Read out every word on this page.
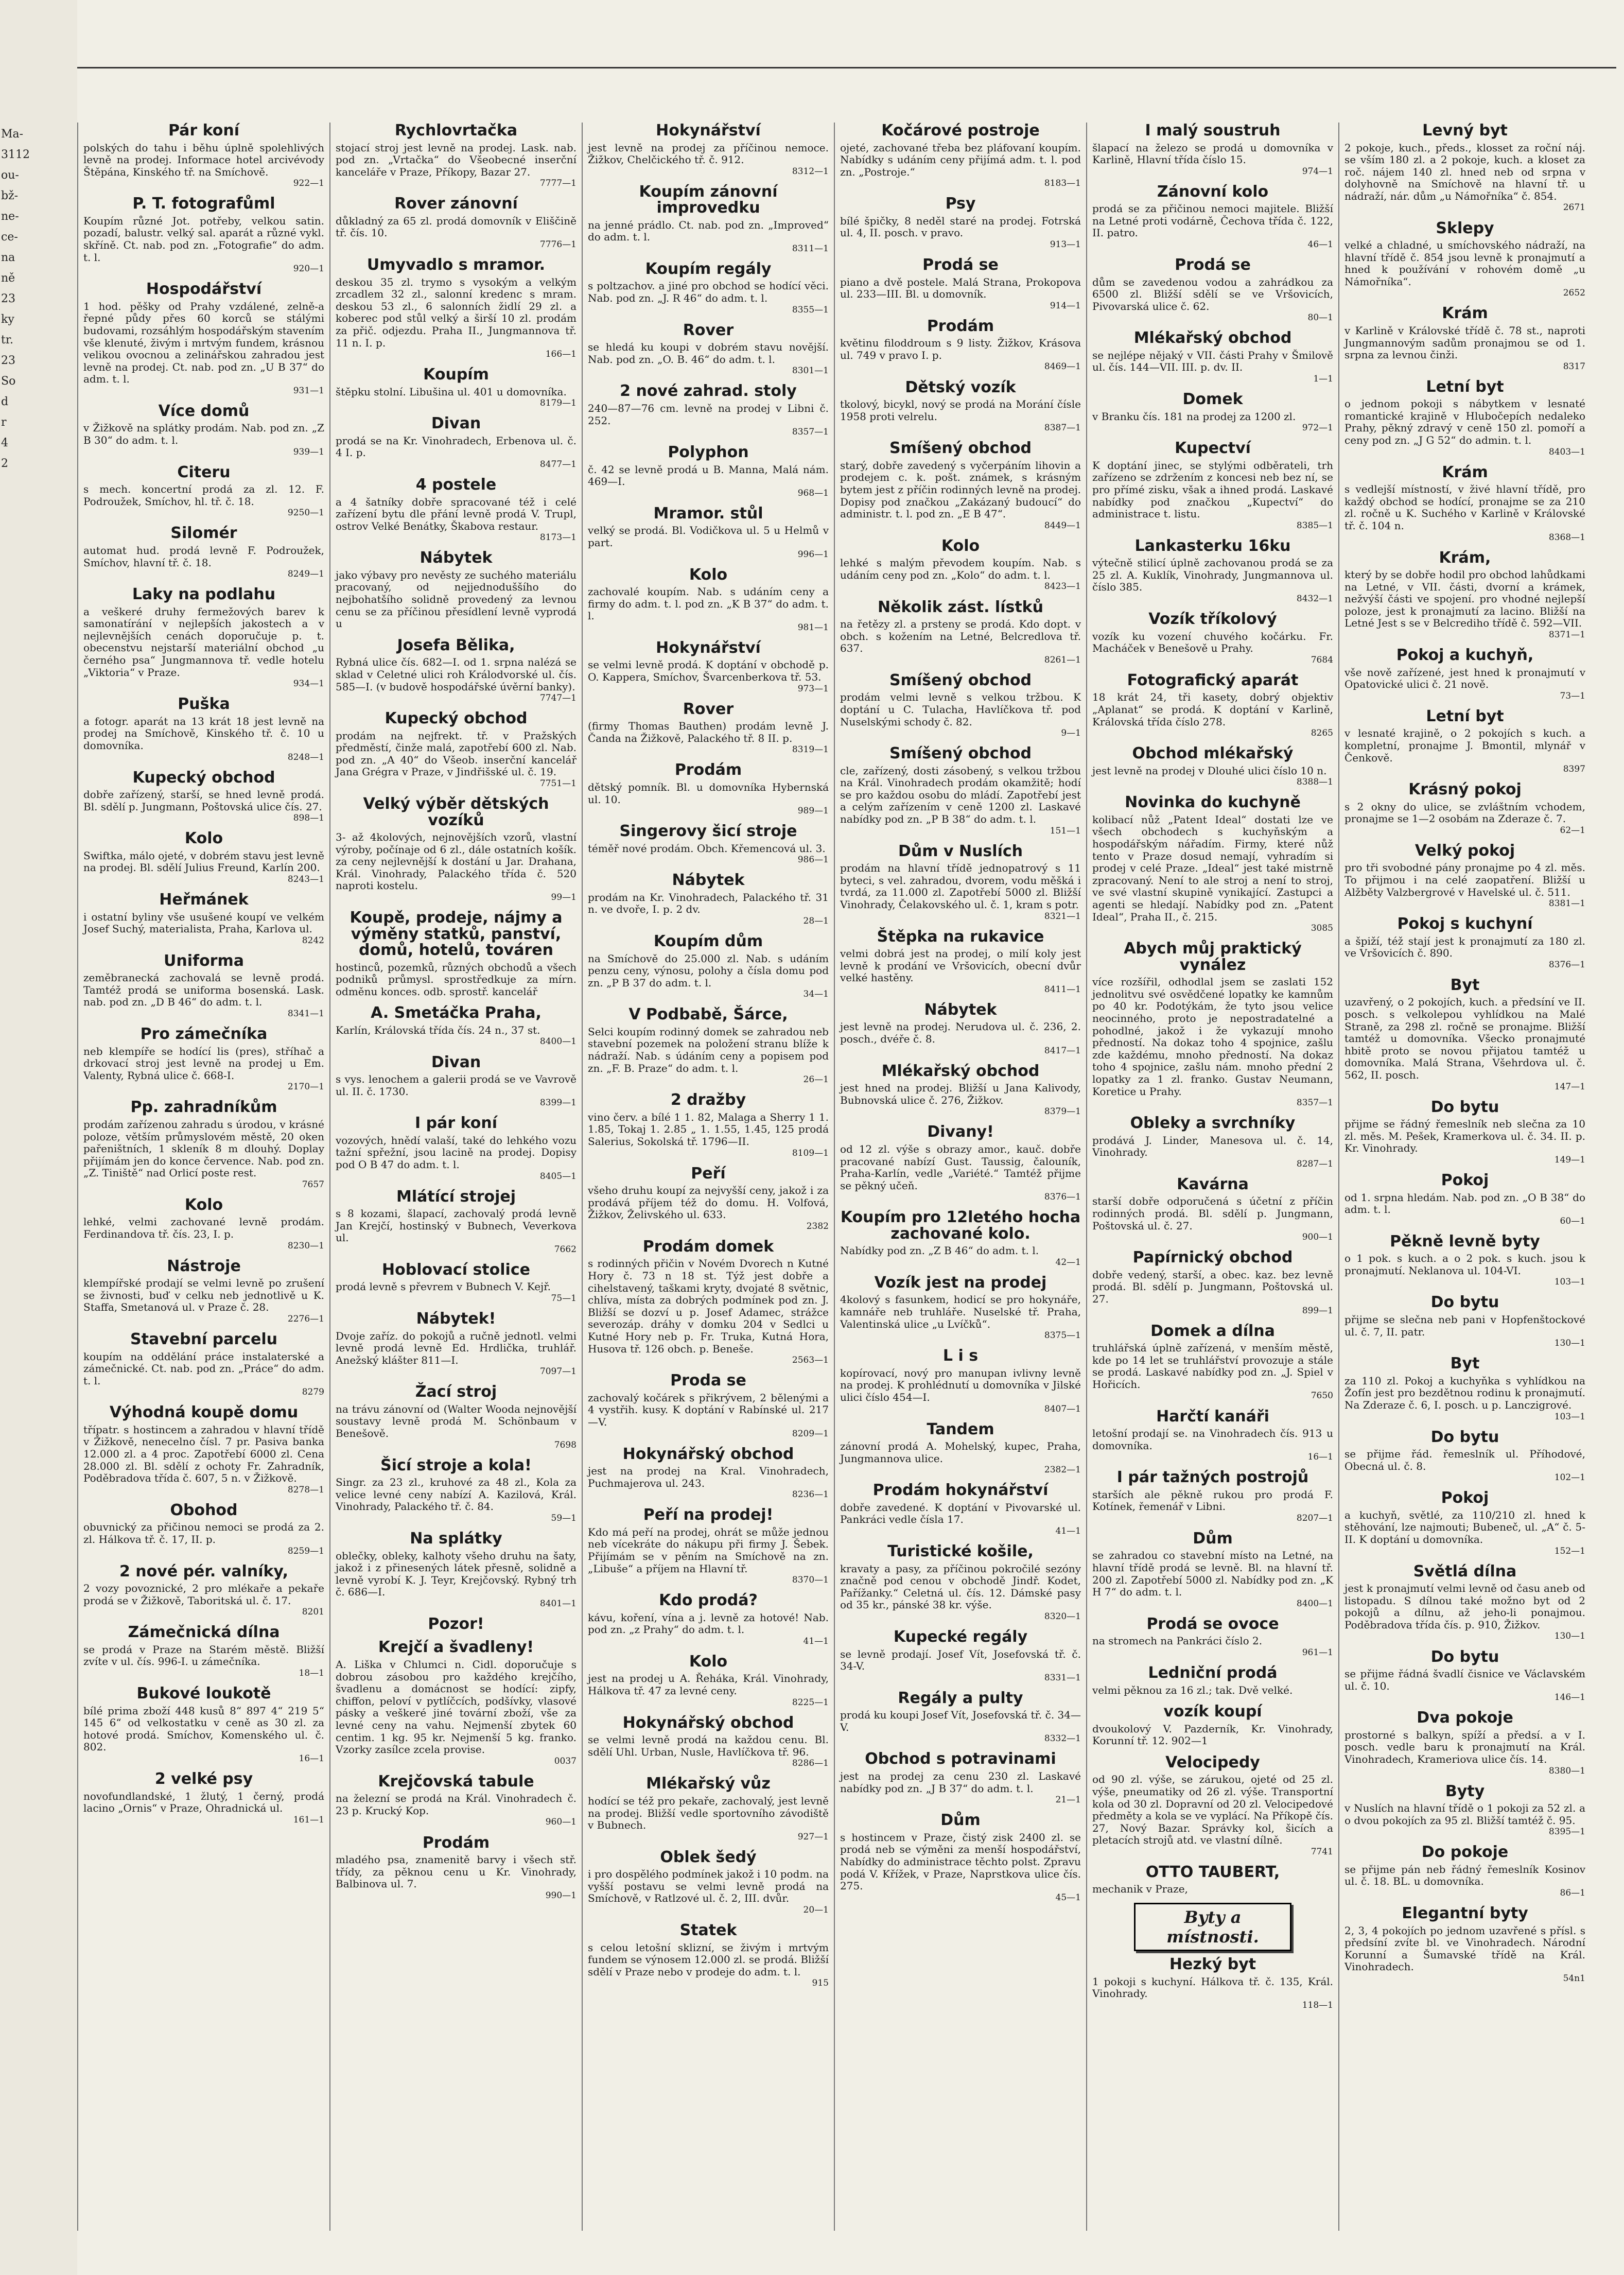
Ma-
3112
ou-
bž-
ne-
ce-
na
ně
23
ky
tr.
23
So
d
r
4
2
Pár koní

polských do tahu i běhu úplně spolehlivých levně na prodej. Informace hotel arcivévody Štěpána, Kinského tř. na Smíchově.

922—1

P. T. fotografůml

Koupím různé Jot. potřeby, velkou satin. pozadí, balustr. velký sal. aparát a různé vykl. skříně. Ct. nab. pod zn. „Fotografie“ do adm. t. l.

920—1

Hospodářství

1 hod. pěšky od Prahy vzdálené, zelně-a řepné půdy přes 60 korců se stálými budovami, rozsáhlým hospodářským stavením vše klenuté, živým i mrtvým fundem, krásnou velikou ovocnou a zelinářskou zahradou jest levně na prodej. Ct. nab. pod zn. „U B 37“ do adm. t. l.

931—1

Více domů

v Žižkově na splátky prodám. Nab. pod zn. „Z B 30“ do adm. t. l.

939—1

Citeru

s mech. koncertní prodá za zl. 12. F. Podroužek, Smíchov, hl. tř. č. 18.

9250—1

Silomér

automat hud. prodá levně F. Podroužek, Smíchov, hlavní tř. č. 18.

8249—1

Laky na podlahu

a veškeré druhy fermežových barev k samonatírání v nejlepších jakostech a v nejlevnějších cenách doporučuje p. t. obecenstvu nejstarší materiální obchod „u černého psa“ Jungmannova tř. vedle hotelu „Viktoria“ v Praze.

934—1

Puška

a fotogr. aparát na 13 krát 18 jest levně na prodej na Smíchově, Kinského tř. č. 10 u domovníka.

8248—1

Kupecký obchod

dobře zařízený, starší, se hned levně prodá. Bl. sdělí p. Jungmann, Poštovská ulice čís. 27.

898—1

Kolo

Swiftka, málo ojeté, v dobrém stavu jest levně na prodej. Bl. sdělí Julius Freund, Karlín 200.

8243—1

Heřmánek

i ostatní byliny vše usušené koupí ve velkém Josef Suchý, materialista, Praha, Karlova ul.

8242

Uniforma

zeměbranecká zachovalá se levně prodá. Tamtéž prodá se uniforma bosenská. Lask. nab. pod zn. „D B 46“ do adm. t. l.

8341—1

Pro zámečníka

neb klempíře se hodící lis (pres), stříhač a drkovací stroj jest levně na prodej u Em. Valenty, Rybná ulice č. 668-I.

2170—1

Pp. zahradníkům

prodám zařízenou zahradu s úrodou, v krásné poloze, větším průmyslovém městě, 20 oken pařeništních, 1 skleník 8 m dlouhý. Doplay přijímám jen do konce července. Nab. pod zn. „Z. Tiniště“ nad Orlicí poste rest.

7657

Kolo

lehké, velmi zachované levně prodám. Ferdinandova tř. čís. 23, I. p.

8230—1

Nástroje

klempířské prodají se velmi levně po zrušení se živnosti, buď v celku neb jednotlivě u K. Staffa, Smetanová ul. v Praze č. 28.

2276—1

Stavební parcelu

koupím na oddělání práce instalaterské a zámečnické. Ct. nab. pod zn. „Práce“ do adm. t. l.

8279

Výhodná koupě domu

třípatr. s hostincem a zahradou v hlavní třídě v Žižkově, nenecelno čísl. 7 pr. Pasiva banka 12.000 zl. a 4 proc. Zapotřebí 6000 zl. Cena 28.000 zl. Bl. sdělí z ochoty Fr. Zahradník, Poděbradova třída č. 607, 5 n. v Žižkově.

8278—1

Obohod

obuvnický za přičinou nemoci se prodá za 2. zl. Hálkova tř. č. 17, II. p.

8259—1

2 nové pér. valníky,

2 vozy povoznické, 2 pro mlékaře a pekaře prodá se v Žižkově, Taboritská ul. č. 17.

8201

Zámečnická dílna

se prodá v Praze na Starém městě. Bližší zvíte v ul. čís. 996-I. u zámečníka.

18—1

Bukové loukotě

bílé prima zboží 448 kusů 8“ 897 4“ 219 5“ 145 6“ od velkostatku v ceně as 30 zl. za hotové prodá. Smíchov, Komenského ul. č. 802.

16—1

2 velké psy

novofundlandské, 1 žlutý, 1 černý, prodá lacino „Ornis“ v Praze, Ohradnická ul.

161—1

Rychlovrtačka

stojací stroj jest levně na prodej. Lask. nab. pod zn. „Vrtačka“ do Všeobecné inserční kanceláře v Praze, Příkopy, Bazar 27.

7777—1

Rover zánovní

důkladný za 65 zl. prodá domovník v Eliščině tř. čís. 10.

7776—1

Umyvadlo s mramor.

deskou 35 zl. trymo s vysokým a velkým zrcadlem 32 zl., salonní kredenc s mram. deskou 53 zl., 6 salonních židlí 29 zl. a koberec pod stůl velký a širší 10 zl. prodám za přič. odjezdu. Praha II., Jungmannova tř. 11 n. I. p.

166—1

Koupím

štěpku stolní. Libušina ul. 401 u domovníka.

8179—1

Divan

prodá se na Kr. Vinohradech, Erbenova ul. č. 4 I. p.

8477—1

4 postele

a 4 šatníky dobře spracované též i celé zařízení bytu dle přání levně prodá V. Trupl, ostrov Velké Benátky, Škabova restaur.

8173—1

Nábytek

jako výbavy pro nevěsty ze suchého materiálu pracovaný, od nejjednoduššího do nejbohatšího solidně provedený za levnou cenu se za příčinou přesídlení levně vyprodá u

Josefa Bělika,

Rybná ulice čís. 682—I. od 1. srpna nalézá se sklad v Celetné ulici roh Králodvorské ul. čís. 585—I. (v budově hospodářské úvěrní banky).

7747—1

Kupecký obchod

prodám na nejfrekt. tř. v Pražských předměstí, činže malá, zapotřebí 600 zl. Nab. pod zn. „A 40“ do Všeob. inserční kancelář Jana Grégra v Praze, v Jindřišské ul. č. 19.

7751—1

Velký výběr dětských vozíků

3- až 4kolových, nejnovějších vzorů, vlastní výroby, počínaje od 6 zl., dále ostatních košík. za ceny nejlevnější k dostání u Jar. Drahana, Král. Vinohrady, Palackého třída č. 520 naproti kostelu.

99—1

Koupě, prodeje, nájmy a výměny statků, panství, domů, hotelů, továren

hostinců, pozemků, různých obchodů a všech podniků průmysl. sprostředkuje za mírn. odměnu konces. odb. sprostř. kancelář

A. Smetáčka Praha,

Karlín, Královská třída čís. 24 n., 37 st.

8400—1

Divan

s vys. lenochem a galerii prodá se ve Vavrově ul. II. č. 1730.

8399—1

I pár koní

vozových, hnědí valaší, také do lehkého vozu tažní spřežní, jsou lacině na prodej. Dopisy pod O B 47 do adm. t. l.

8405—1

Mlátící strojej

s 8 kozami, šlapací, zachovalý prodá levně Jan Krejčí, hostinský v Bubnech, Veverkova ul.

7662

Hoblovací stolice

prodá levně s převrem v Bubnech V. Kejř.

75—1

Nábytek!

Dvoje zaříz. do pokojů a ručně jednotl. velmi levně prodá levně Ed. Hrdlička, truhlář. Anežský klášter 811—I.

7097—1

Žací stroj

na trávu zánovní od (Walter Wooda nejnovější soustavy levně prodá M. Schönbaum v Benešově.

7698

Šicí stroje a kola!

Singr. za 23 zl., kruhové za 48 zl., Kola za velice levné ceny nabízí A. Kazilová, Král. Vinohrady, Palackého tř. č. 84.

59—1

Na splátky

oblečky, obleky, kalhoty všeho druhu na šaty, jakož i z přinesených látek přesně, solidně a levně vyrobí K. J. Teyr, Krejčovský. Rybný trh č. 686—I.

8401—1

Pozor!
Krejčí a švadleny!

A. Liška v Chlumci n. Cidl. doporučuje s dobrou zásobou pro každého krejčího, švadlenu a domácnost se hodící: zipfy, chiffon, peloví v pytlíčcích, podšívky, vlasové pásky a veškeré jiné tovární zboží, vše za levné ceny na vahu. Nejmenší zbytek 60 centim. 1 kg. 95 kr. Nejmenší 5 kg. franko. Vzorky zasílce zcela provise.

0037

Krejčovská tabule

na železní se prodá na Král. Vinohradech č. 23 p. Krucký Kop.

960—1

Prodám

mladého psa, znamenitě barvy i všech stř. třídy, za pěknou cenu u Kr. Vinohrady, Balbinova ul. 7.

990—1

Hokynářství

jest levně na prodej za příčinou nemoce. Žižkov, Chelčického tř. č. 912.

8312—1

Koupím zánovní improvedku

na jenné prádlo. Ct. nab. pod zn. „Improved“ do adm. t. l.

8311—1

Koupím regály

s poltzachov. a jiné pro obchod se hodící věci. Nab. pod zn. „J. R 46“ do adm. t. l.

8355—1

Rover

se hledá ku koupi v dobrém stavu novější. Nab. pod zn. „O. B. 46“ do adm. t. l.

8301—1

2 nové zahrad. stoly

240—87—76 cm. levně na prodej v Libni č. 252.

8357—1

Polyphon

č. 42 se levně prodá u B. Manna, Malá nám. 469—I.

968—1

Mramor. stůl

velký se prodá. Bl. Vodičkova ul. 5 u Helmů v part.

996—1

Kolo

zachovalé koupím. Nab. s udáním ceny a firmy do adm. t. l. pod zn. „K B 37“ do adm. t. l.

981—1

Hokynářství

se velmi levně prodá. K doptání v obchodě p. O. Kappera, Smíchov, Švarcenberkova tř. 53.

973—1

Rover

(firmy Thomas Bauthen) prodám levně J. Čanda na Žižkově, Palackého tř. 8 II. p.

8319—1

Prodám

dětský pomník. Bl. u domovníka Hybernská ul. 10.

989—1

Singerovy šicí stroje

téměř nové prodám. Obch. Křemencová ul. 3.

986—1

Nábytek

prodám na Kr. Vinohradech, Palackého tř. 31 n. ve dvoře, I. p. 2 dv.

28—1

Koupím dům

na Smíchově do 25.000 zl. Nab. s udáním penzu ceny, výnosu, polohy a čísla domu pod zn. „P B 37 do adm. t. l.

34—1

V Podbabě, Šárce,

Selci koupím rodinný domek se zahradou neb stavební pozemek na položení stranu blíže k nádraží. Nab. s údáním ceny a popisem pod zn. „F. B. Praze“ do adm. t. l.

26—1

2 dražby

vino červ. a bílé 1 1. 82, Malaga a Sherry 1 1. 1.85, Tokaj 1. 2.85 „ 1. 1.55, 1.45, 125 prodá Salerius, Sokolská tř. 1796—II.

8109—1

Peří

všeho druhu koupí za nejvyšší ceny, jakož i za prodává příjem též do domu. H. Volfová, Žižkov, Želivského ul. 633.

2382

Prodám domek

s rodinných přičin v Novém Dvorech n Kutné Hory č. 73 n 18 st. Týž jest dobře a cihelstavený, taškami kryty, dvojaté 8 světnic, chlíva, místa za dobrých podmínek pod zn. J. Bližší se dozví u p. Josef Adamec, strážce severozáp. dráhy v domku 204 v Sedlci u Kutné Hory neb p. Fr. Truka, Kutná Hora, Husova tř. 126 obch. p. Beneše.

2563—1

Proda se

zachovalý kočárek s přikrývem, 2 bělenými a 4 vystřih. kusy. K doptání v Rabínské ul. 217—V.

8209—1

Hokynářský obchod

jest na prodej na Kral. Vinohradech, Puchmajerova ul. 243.

8236—1

Peří na prodej!

Kdo má peří na prodej, ohrát se může jednou neb vícekráte do nákupu při firmy J. Šebek. Přijímám se v pěním na Smíchově na zn. „Libuše“ a příjem na Hlavní tř.

8370—1

Kdo prodá?

kávu, koření, vína a j. levně za hotové! Nab. pod zn. „z Prahy“ do adm. t. l.

41—1

Kolo

jest na prodej u A. Řeháka, Král. Vinohrady, Hálkova tř. 47 za levné ceny.

8225—1

Hokynářský obchod

se velmi levně prodá na každou cenu. Bl. sdělí Uhl. Urban, Nusle, Havlíčkova tř. 96.

8286—1

Mlékařský vůz

hodící se též pro pekaře, zachovalý, jest levně na prodej. Bližší vedle sportovního závodiště v Bubnech.

927—1

Oblek šedý

i pro dospělého podmínek jakož i 10 podm. na vyšší postavu se velmi levně prodá na Smíchově, v Ratlzové ul. č. 2, III. dvůr.

20—1

Statek

s celou letošní sklizní, se živým i mrtvým fundem se výnosem 12.000 zl. se prodá. Bližší sdělí v Praze nebo v prodeje do adm. t. l.

915

Kočárové postroje

ojeté, zachované třeba bez pláfovaní koupím. Nabídky s udáním ceny přijímá adm. t. l. pod zn. „Postroje.“

8183—1

Psy

bílé špičky, 8 neděl staré na prodej. Fotrská ul. 4, II. posch. v pravo.

913—1

Prodá se

piano a dvě postele. Malá Strana, Prokopova ul. 233—III. Bl. u domovník.

914—1

Prodám

květinu filoddroum s 9 listy. Žižkov, Krásova ul. 749 v pravo I. p.

8469—1

Dětský vozík

tkolový, bicykl, nový se prodá na Morání čísle 1958 proti velrelu.

8387—1

Smíšený obchod

starý, dobře zavedený s vyčerpáním lihovin a prodejem c. k. pošt. známek, s krásným bytem jest z příčin rodinných levně na prodej. Dopisy pod značkou „Zakázaný budoucí“ do administr. t. l. pod zn. „E B 47“.

8449—1

Kolo

lehké s malým převodem koupím. Nab. s udáním ceny pod zn. „Kolo“ do adm. t. l.

8423—1

Několik zást. lístků

na řetězy zl. a prsteny se prodá. Kdo dopt. v obch. s kožením na Letné, Belcredlova tř. 637.

8261—1

Smíšený obchod

prodám velmi levně s velkou tržbou. K doptání u C. Tulacha, Havlíčkova tř. pod Nuselskými schody č. 82.

9—1

Smíšený obchod

cle, zařízený, dosti zásobený, s velkou tržbou na Král. Vinohradech prodám okamžitě; hodí se pro každou osobu do mládí. Zapotřebí jest a celým zařízením v ceně 1200 zl. Laskavé nabídky pod zn. „P B 38“ do adm. t. l.

151—1

Dům v Nuslích

prodám na hlavní třídě jednopatrový s 11 byteci, s vel. zahradou, dvorem, vodu měšká i tvrdá, za 11.000 zl. Zapotřebí 5000 zl. Bližší Vinohrady, Čelakovského ul. č. 1, kram s potr.

8321—1

Štěpka na rukavice

velmi dobrá jest na prodej, o milí koly jest levně k prodání ve Vršovicích, obecní dvůr velké hastěny.

8411—1

Nábytek

jest levně na prodej. Nerudova ul. č. 236, 2. posch., dvéře č. 8.

8417—1

Mlékařský obchod

jest hned na prodej. Bližší u Jana Kalivody, Bubnovská ulice č. 276, Žižkov.

8379—1

Divany!

od 12 zl. výše s obrazy amor., kauč. dobře pracované nabízí Gust. Taussig, čalouník, Praha-Karlín, vedle „Variété.“ Tamtéž přijme se pěkný učeň.

8376—1

Koupím pro 12letého hocha zachované kolo.

Nabídky pod zn. „Z B 46“ do adm. t. l.

42—1

Vozík jest na prodej

4kolový s fasunkem, hodicí se pro hokynáře, kamnáře neb truhláře. Nuselské tř. Praha, Valentinská ulice „u Lvíčků“.

8375—1

L i s

kopírovací, nový pro manupan ivlivny levně na prodej. K prohlédnutí u domovníka v Jilské ulici číslo 454—I.

8407—1

Tandem

zánovní prodá A. Mohelský, kupec, Praha, Jungmannova ulice.

2382—1

Prodám hokynářství

dobře zavedené. K doptání v Pivovarské ul. Pankráci vedle čísla 17.

41—1

Turistické košile,

kravaty a pasy, za příčinou pokročilé sezóny značně pod cenou v obchodě Jindř. Kodet, Pařížanky.“ Celetná ul. čís. 12. Dámské pasy od 35 kr., pánské 38 kr. výše.

8320—1

Kupecké regály

se levně prodají. Josef Vít, Josefovská tř. č. 34-V.

8331—1

Regály a pulty

prodá ku koupi Josef Vít, Josefovská tř. č. 34—V.

8332—1

Obchod s potravinami

jest na prodej za cenu 230 zl. Laskavé nabídky pod zn. „J B 37“ do adm. t. l.

21—1

Dům

s hostincem v Praze, čistý zisk 2400 zl. se prodá neb se výměni za menší hospodářství, Nabídky do administrace těchto polst. Zpravu podá V. Křížek, v Praze, Naprstkova ulice čís. 275.

45—1

I malý soustruh

šlapací na železo se prodá u domovníka v Karlině, Hlavní třída číslo 15.

974—1

Zánovní kolo

prodá se za přičinou nemoci majitele. Bližší na Letné proti vodárně, Čechova třída č. 122, II. patro.

46—1

Prodá se

dům se zavedenou vodou a zahrádkou za 6500 zl. Bližší sdělí se ve Vršovicích, Pivovarská ulice č. 62.

80—1

Mlékařský obchod

se nejlépe nějaký v VII. části Prahy v Šmilově ul. čís. 144—VII. III. p. dv. II.

1—1

Domek

v Branku čís. 181 na prodej za 1200 zl.

972—1

Kupectví

K doptání jinec, se stylými odběrateli, trh zařízeno se zdržením z koncesi neb bez ní, se pro přímé zisku, však a ihned prodá. Laskavé nabídky pod značkou „Kupectví“ do administrace t. listu.

8385—1

Lankasterku 16ku

výtečně stilicí úplně zachovanou prodá se za 25 zl. A. Kuklík, Vinohrady, Jungmannova ul. číslo 385.

8432—1

Vozík tříkolový

vozík ku vození chuvého kočárku. Fr. Macháček v Benešově u Prahy.

7684

Fotografický aparát

18 krát 24, tři kasety, dobrý objektiv „Aplanat“ se prodá. K doptání v Karlině, Královská třída číslo 278.

8265

Obchod mlékařský

jest levně na prodej v Dlouhé ulici číslo 10 n.

8388—1

Novinka do kuchyně

kolibací nůž „Patent Ideal“ dostati lze ve všech obchodech s kuchyňským a hospodářským nářadím. Firmy, které nůž tento v Praze dosud nemají, vyhradím si prodej v celé Praze. „Ideal“ jest také mistrně zpracovaný. Není to ale stroj a není to stroj, ve své vlastní skupině vynikající. Zastupci a agenti se hledají. Nabídky pod zn. „Patent Ideal“, Praha II., č. 215.

3085

Abych můj praktický vynález

více rozšířil, odhodlal jsem se zaslati 152 jednolitvu své osvědčené lopatky ke kamnům po 40 kr. Podotýkám, že tyto jsou velice neocinného, proto je nepostradatelné a pohodlné, jakož i že vykazují mnoho předností. Na dokaz toho 4 spojnice, zašlu zde každému, mnoho předností. Na dokaz toho 4 spojnice, zašlu nám. mnoho přední 2 lopatky za 1 zl. franko. Gustav Neumann, Koretice u Prahy.

8357—1

Obleky a svrchníky

prodává J. Linder, Manesova ul. č. 14, Vinohrady.

8287—1

Kavárna

starší dobře odporučená s účetní z příčin rodinných prodá. Bl. sdělí p. Jungmann, Poštovská ul. č. 27.

900—1

Papírnický obchod

dobře vedený, starší, a obec. kaz. bez levně prodá. Bl. sdělí p. Jungmann, Poštovská ul. 27.

899—1

Domek a dílna

truhlářská úplně zařízená, v menším městě, kde po 14 let se truhlářství provozuje a stále se prodá. Laskavé nabídky pod zn. „J. Spiel v Hořicích.

7650

Harčtí kanáři

letošní prodají se. na Vinohradech čís. 913 u domovníka.

16—1

I pár tažných postrojů

starších ale pěkně rukou pro prodá F. Kotínek, řemenář v Libni.

8207—1

Dům

se zahradou co stavební místo na Letné, na hlavní třídě prodá se levně. Bl. na hlavní tř. 200 zl. Zapotřebí 5000 zl. Nabídky pod zn. „K H 7“ do adm. t. l.

8400—1

Prodá se ovoce

na stromech na Pankráci číslo 2.

961—1

Ledniční prodá

velmi pěknou za 16 zl.; tak. Dvě velké.

vozík koupí

dvoukolový V. Pazderník, Kr. Vinohrady, Korunní tř. 12. 902—1

Velocipedy

od 90 zl. výše, se zárukou, ojeté od 25 zl. výše, pneumatiky od 26 zl. výše. Transportní kola od 30 zl. Dopravní od 20 zl. Velocipedové předměty a kola se ve vyplácí. Na Příkopě čís. 27, Nový Bazar. Správky kol, šicích a pletacích strojů atd. ve vlastní dílně.

7741

OTTO TAUBERT,

mechanik v Praze,

Byty a místnosti.
Hezký byt

1 pokoji s kuchyní. Hálkova tř. č. 135, Král. Vinohrady.

118—1

Levný byt

2 pokoje, kuch., předs., klosset za roční náj. se vším 180 zl. a 2 pokoje, kuch. a kloset za roč. nájem 140 zl. hned neb od srpna v dolyhovně na Smíchově na hlavní tř. u nádraží, nár. dům „u Námořníka“ č. 854.

2671

Sklepy

velké a chladné, u smíchovského nádraží, na hlavní třídě č. 854 jsou levně k pronajmutí a hned k používání v rohovém domě „u Námořníka“.

2652

Krám

v Karlině v Královské třídě č. 78 st., naproti Jungmannovým sadům pronajmou se od 1. srpna za levnou činži.

8317

Letní byt

o jednom pokoji s nábytkem v lesnaté romantické krajině v Hlubočepích nedaleko Prahy, pěkný zdravý v ceně 150 zl. pomoří a ceny pod zn. „J G 52“ do admin. t. l.

8403—1

Krám

s vedlejší místností, v živé hlavní třídě, pro každý obchod se hodící, pronajme se za 210 zl. ročně u K. Suchého v Karlině v Královské tř. č. 104 n.

8368—1

Krám,

který by se dobře hodil pro obchod lahůdkami na Letné, v VII. části, dvorní a krámek, nežvýší části ve spojení. pro vhodné nejlepší poloze, jest k pronajmutí za lacino. Bližší na Letné Jest s se v Belcrediho třídě č. 592—VII.

8371—1

Pokoj a kuchyň,

vše nově zařízené, jest hned k pronajmutí v Opatovické ulici č. 21 nově.

73—1

Letní byt

v lesnaté krajině, o 2 pokojích s kuch. a kompletní, pronajme J. Bmontil, mlynář v Čenkově.

8397

Krásný pokoj

s 2 okny do ulice, se zvláštním vchodem, pronajme se 1—2 osobám na Zderaze č. 7.

62—1

Velký pokoj

pro tři svobodné pány pronajme po 4 zl. měs. To přijmou i na celé zaopatření. Bližší u Alžběty Valzbergrové v Havelské ul. č. 511.

8381—1

Pokoj s kuchyní

a špiží, též stají jest k pronajmutí za 180 zl. ve Vršovicích č. 890.

8376—1

Byt

uzavřený, o 2 pokojích, kuch. a předsíní ve II. posch. s velkolepou vyhlídkou na Malé Straně, za 298 zl. ročně se pronajme. Bližší tamtéž u domovníka. Všecko pronajmuté hbitě proto se novou přijatou tamtéž u domovníka. Malá Strana, Všehrdova ul. č. 562, II. posch.

147—1

Do bytu

přijme se řádný řemeslník neb slečna za 10 zl. měs. M. Pešek, Kramerkova ul. č. 34. II. p. Kr. Vinohrady.

149—1

Pokoj

od 1. srpna hledám. Nab. pod zn. „O B 38“ do adm. t. l.

60—1

Pěkně levně byty

o 1 pok. s kuch. a o 2 pok. s kuch. jsou k pronajmutí. Neklanova ul. 104-VI.

103—1

Do bytu

přijme se slečna neb pani v Hopfenštockové ul. č. 7, II. patr.

130—1

Byt

za 110 zl. Pokoj a kuchyňka s vyhlídkou na Žofín jest pro bezdětnou rodinu k pronajmutí. Na Zderaze č. 6, I. posch. u p. Lanczigrové.

103—1

Do bytu

se přijme řád. řemeslník ul. Příhodové, Obecná ul. č. 8.

102—1

Pokoj

a kuchyň, světlé, za 110/210 zl. hned k stěhování, lze najmouti; Bubeneč, ul. „A“ č. 5-II. K doptání u domovníka.

152—1

Světlá dílna

jest k pronajmutí velmi levně od času aneb od listopadu. S dílnou také možno byt od 2 pokojů a dílnu, až jeho-li ponajmou. Poděbradova třída čís. p. 910, Žižkov.

130—1

Do bytu

se přijme řádná švadlí čisnice ve Václavském ul. č. 10.

146—1

Dva pokoje

prostorné s balkyn, spíží a předsí. a v I. posch. vedle baru k pronajmutí na Král. Vinohradech, Krameriova ulice čís. 14.

8380—1

Byty

v Nuslích na hlavní třídě o 1 pokoji za 52 zl. a o dvou pokojích za 95 zl. Bližší tamtéž č. 95.

8395—1

Do pokoje

se přijme pán neb řádný řemeslník Kosinov ul. č. 18. BL. u domovníka.

86—1

Elegantní byty

2, 3, 4 pokojích po jednom uzavřené s přísl. s předsíní zvíte bl. ve Vinohradech. Národní Korunní a Šumavské třídě na Král. Vinohradech.

54n1
